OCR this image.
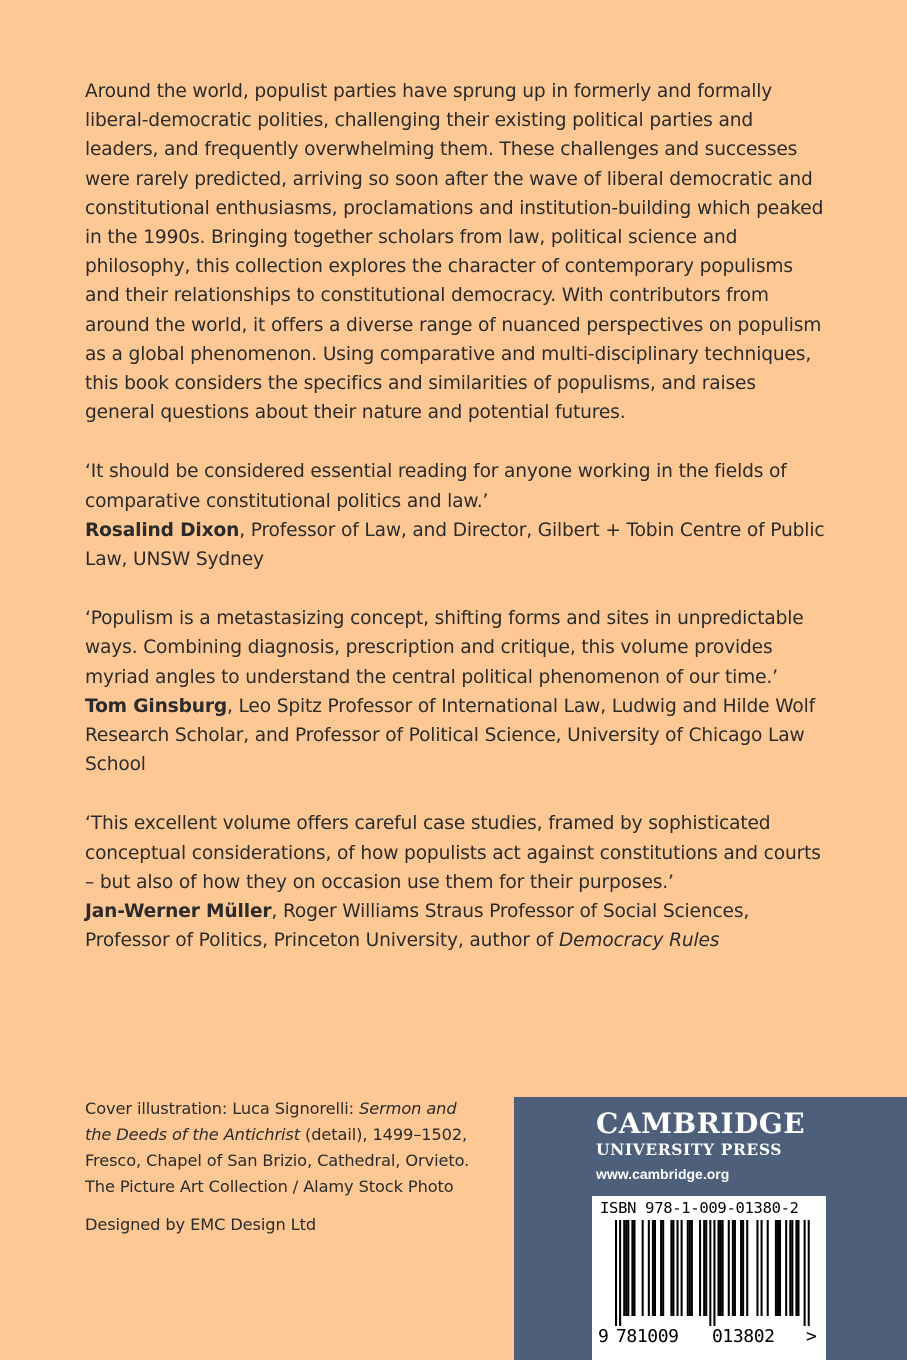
Around the world, populist parties have sprung up in formerly and formally liberal-democratic polities, challenging their existing political parties and leaders, and frequently overwhelming them. These challenges and successes were rarely predicted, arriving so soon after the wave of liberal democratic and constitutional enthusiasms, proclamations and institution-building which peaked in the 1990s. Bringing together scholars from law, political science and philosophy, this collection explores the character of contemporary populisms and their relationships to constitutional democracy. With contributors from around the world, it offers a diverse range of nuanced perspectives on populism as a global phenomenon. Using comparative and multi-disciplinary techniques, this book considers the specifics and similarities of populisms, and raises general questions about their nature and potential futures.

‘It should be considered essential reading for anyone working in the fields of comparative constitutional politics and law.’

Rosalind Dixon, Professor of Law, and Director, Gilbert + Tobin Centre of Public Law, UNSW Sydney

‘Populism is a metastasizing concept, shifting forms and sites in unpredictable ways. Combining diagnosis, prescription and critique, this volume provides myriad angles to understand the central political phenomenon of our time.’

Tom Ginsburg, Leo Spitz Professor of International Law, Ludwig and Hilde Wolf Research Scholar, and Professor of Political Science, University of Chicago Law School

‘This excellent volume offers careful case studies, framed by sophisticated conceptual considerations, of how populists act against constitutions and courts – but also of how they on occasion use them for their purposes.’

Jan-Werner Müller, Roger Williams Straus Professor of Social Sciences, Professor of Politics, Princeton University, author of Democracy Rules

Cover illustration: Luca Signorelli: Sermon and the Deeds of the Antichrist (detail), 1499–1502, Fresco, Chapel of San Brizio, Cathedral, Orvieto. The Picture Art Collection / Alamy Stock Photo

Designed by EMC Design Ltd

CAMBRIDGE
UNIVERSITY PRESS
www.cambridge.org
ISBN 978-1-009-01380-2
9 781009 013802 >
